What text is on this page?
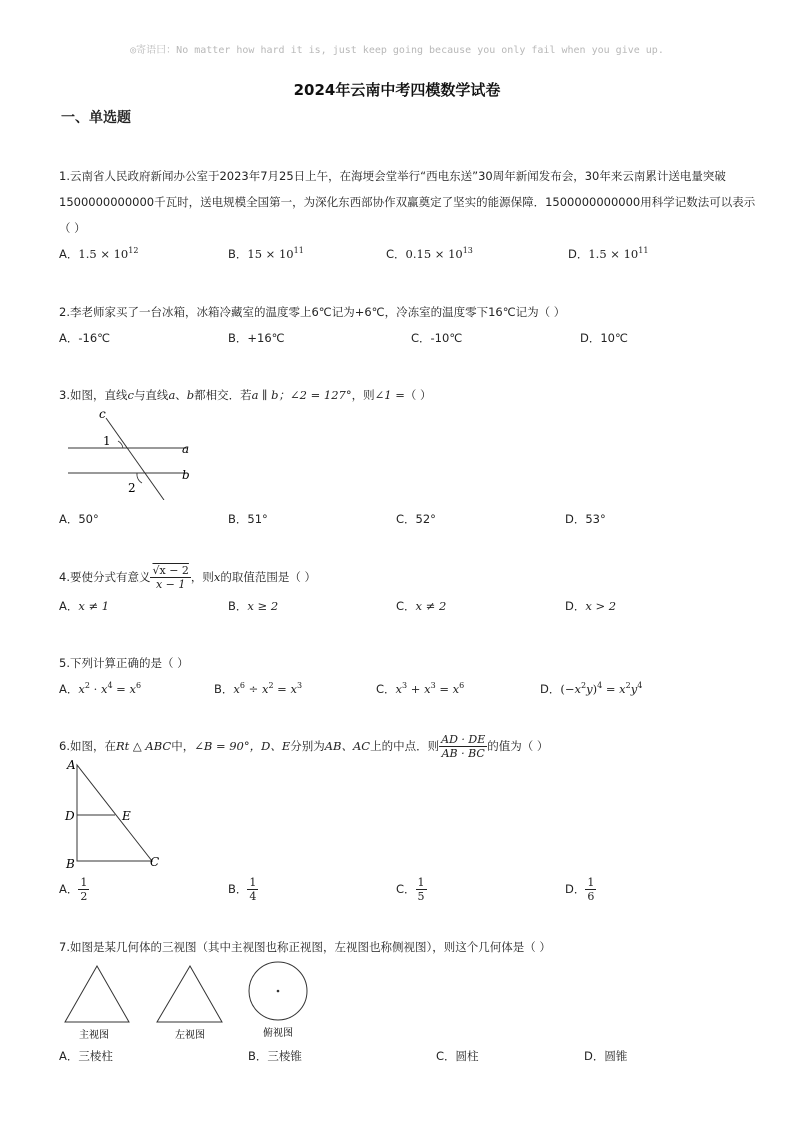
◎寄语曰：No matter how hard it is, just keep going because you only fail when you give up.
2024年云南中考四模数学试卷
一、单选题
1.云南省人民政府新闻办公室于2023年7月25日上午，在海埂会堂举行“西电东送”30周年新闻发布会，30年来云南累计送电量突破
1500000000000千瓦时，送电规模全国第一，为深化东西部协作双赢奠定了坚实的能源保障．1500000000000用科学记数法可以表示
（ ）
A．$1.5 \times 10^{12}$	B．$15 \times 10^{11}$	C．$0.15 \times 10^{13}$	D．$1.5 \times 10^{11}$
2.李老师家买了一台冰箱，冰箱冷藏室的温度零上6℃记为+6℃，冷冻室的温度零下16℃记为（ ）
A．-16℃	B．+16℃	C．-10℃	D．10℃
3.如图，直线c与直线a、b都相交．若a ∥ b；∠2 = 127°，则∠1 =（ ）
c
a
b
1
2
A．50°	B．51°	C．52°	D．53°
4.要使分式有意义 $\frac{√x - 2}{x - 1}$ ，则x的取值范围是（ ）
A．x ≠ 1	B．x ≥ 2	C．x ≠ 2	D．x > 2
5.下列计算正确的是（ ）
A．$x^2 \cdot x^4 = x^6$	B．$x^6 \div x^2 = x^3$	C．$x^3 + x^3 = x^6$	D．$(-x^2y)^4 = x^2y^4$
6.如图，在Rt △ ABC中，∠B = 90°，D、E分别为AB、AC上的中点．则 $\frac{AD \cdot DE}{AB \cdot BC}$ 的值为（ ）
A
D	E
B	C
A． $\frac{1}{2}$	B． $\frac{1}{4}$	C． $\frac{1}{5}$	D． $\frac{1}{6}$
7.如图是某几何体的三视图（其中主视图也称正视图，左视图也称侧视图），则这个几何体是（ ）
主视图	左视图	俯视图
A．三棱柱	B．三棱锥	C．圆柱	D．圆锥
